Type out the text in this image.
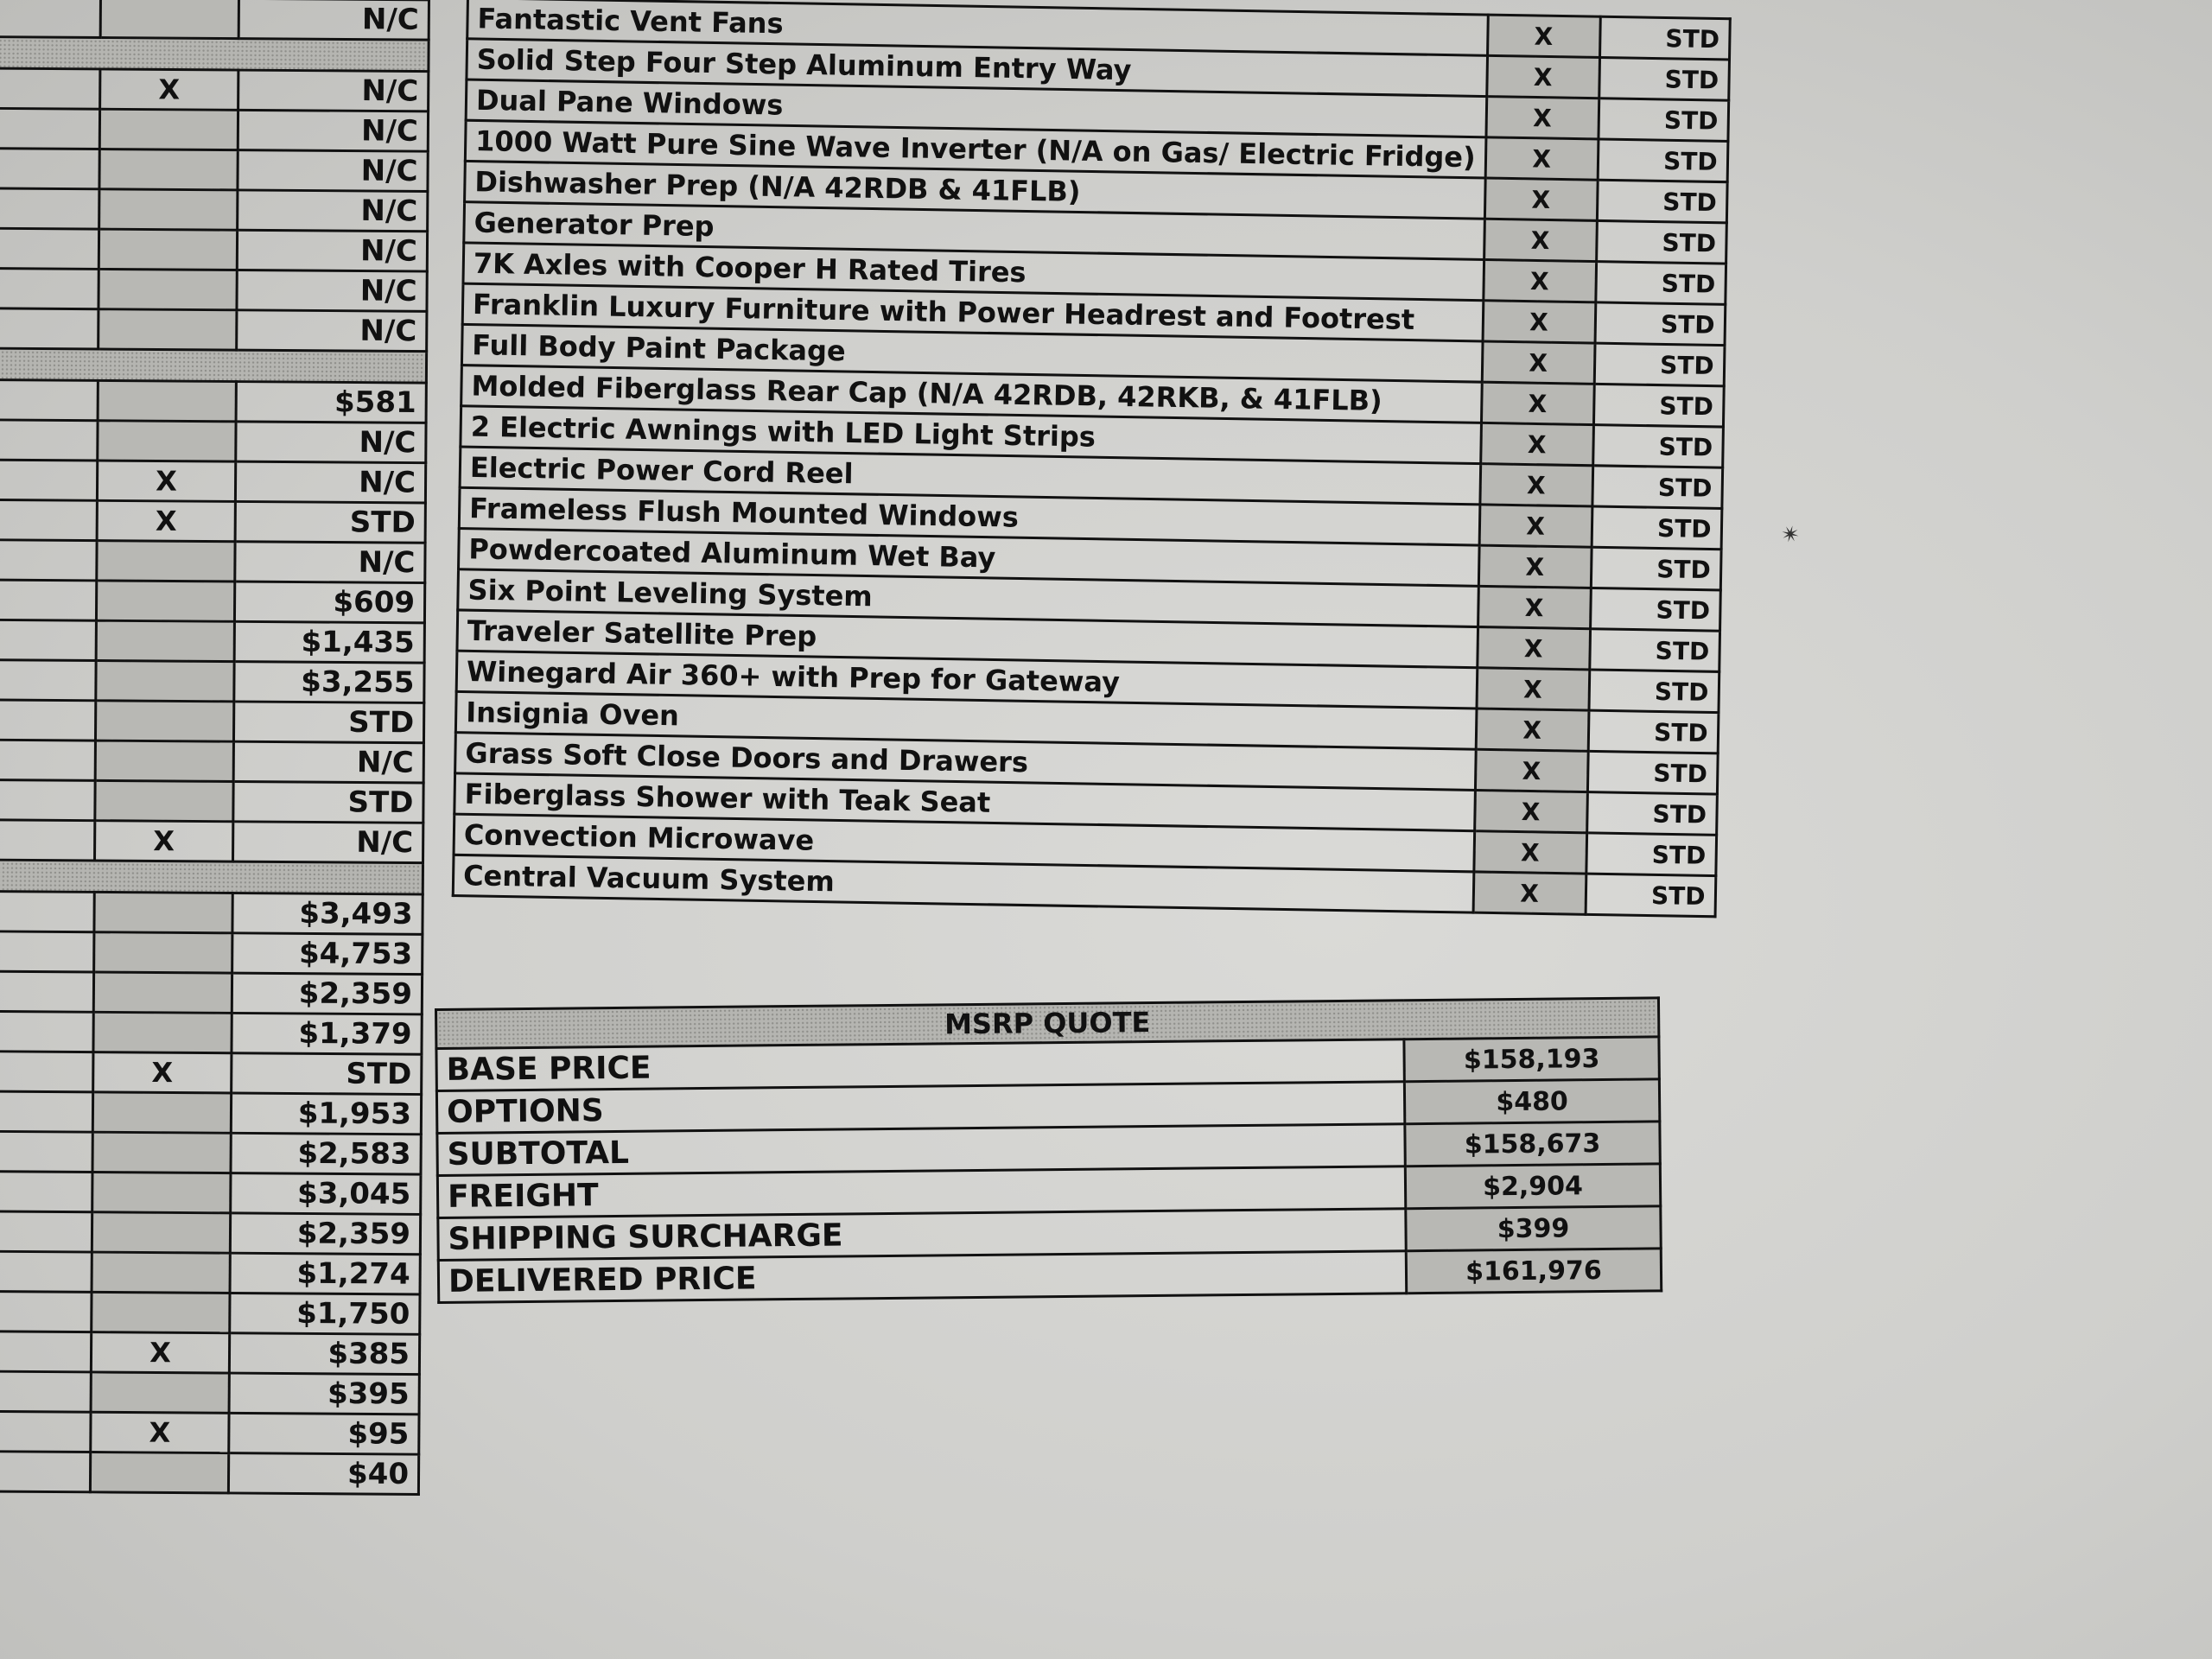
		N/C

	X	N/C
		N/C
		N/C
		N/C
		N/C
		N/C
		N/C

		$581
		N/C
	X	N/C
	X	STD
		N/C
		$609
		$1,435
		$3,255
		STD
		N/C
		STD
	X	N/C

		$3,493
		$4,753
		$2,359
		$1,379
	X	STD
		$1,953
		$2,583
		$3,045
		$2,359
		$1,274
		$1,750
	X	$385
		$395
	X	$95
		$40
Fantastic Vent Fans	X	STD
Solid Step Four Step Aluminum Entry Way	X	STD
Dual Pane Windows	X	STD
1000 Watt Pure Sine Wave Inverter (N/A on Gas/ Electric Fridge)	X	STD
Dishwasher Prep (N/A 42RDB & 41FLB)	X	STD
Generator Prep	X	STD
7K Axles with Cooper H Rated Tires	X	STD
Franklin Luxury Furniture with Power Headrest and Footrest	X	STD
Full Body Paint Package	X	STD
Molded Fiberglass Rear Cap (N/A 42RDB, 42RKB, & 41FLB)	X	STD
2 Electric Awnings with LED Light Strips	X	STD
Electric Power Cord Reel	X	STD
Frameless Flush Mounted Windows	X	STD
Powdercoated Aluminum Wet Bay	X	STD
Six Point Leveling System	X	STD
Traveler Satellite Prep	X	STD
Winegard Air 360+ with Prep for Gateway	X	STD
Insignia Oven	X	STD
Grass Soft Close Doors and Drawers	X	STD
Fiberglass Shower with Teak Seat	X	STD
Convection Microwave	X	STD
Central Vacuum System	X	STD
MSRP QUOTE	
BASE PRICE	$158,193
OPTIONS	$480
SUBTOTAL	$158,673
FREIGHT	$2,904
SHIPPING SURCHARGE	$399
DELIVERED PRICE	$161,976
✴
